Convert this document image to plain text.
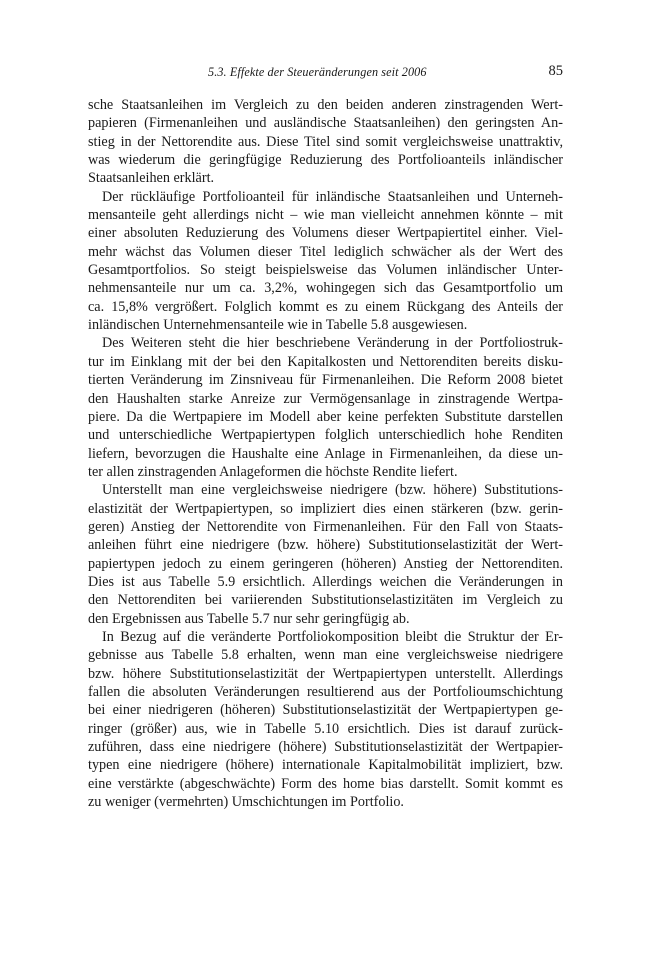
5.3. Effekte der Steueränderungen seit 2006	85
sche Staatsanleihen im Vergleich zu den beiden anderen zinstragenden Wert-
papieren (Firmenanleihen und ausländische Staatsanleihen) den geringsten An-
stieg in der Nettorendite aus. Diese Titel sind somit vergleichsweise unattraktiv,
was wiederum die geringfügige Reduzierung des Portfolioanteils inländischer
Staatsanleihen erklärt.
Der rückläufige Portfolioanteil für inländische Staatsanleihen und Unterneh-
mensanteile geht allerdings nicht – wie man vielleicht annehmen könnte – mit
einer absoluten Reduzierung des Volumens dieser Wertpapiertitel einher. Viel-
mehr wächst das Volumen dieser Titel lediglich schwächer als der Wert des
Gesamtportfolios. So steigt beispielsweise das Volumen inländischer Unter-
nehmensanteile nur um ca. 3,2%, wohingegen sich das Gesamtportfolio um
ca. 15,8% vergrößert. Folglich kommt es zu einem Rückgang des Anteils der
inländischen Unternehmensanteile wie in Tabelle 5.8 ausgewiesen.
Des Weiteren steht die hier beschriebene Veränderung in der Portfoliostruk-
tur im Einklang mit der bei den Kapitalkosten und Nettorenditen bereits disku-
tierten Veränderung im Zinsniveau für Firmenanleihen. Die Reform 2008 bietet
den Haushalten starke Anreize zur Vermögensanlage in zinstragende Wertpa-
piere. Da die Wertpapiere im Modell aber keine perfekten Substitute darstellen
und unterschiedliche Wertpapiertypen folglich unterschiedlich hohe Renditen
liefern, bevorzugen die Haushalte eine Anlage in Firmenanleihen, da diese un-
ter allen zinstragenden Anlageformen die höchste Rendite liefert.
Unterstellt man eine vergleichsweise niedrigere (bzw. höhere) Substitutions-
elastizität der Wertpapiertypen, so impliziert dies einen stärkeren (bzw. gerin-
geren) Anstieg der Nettorendite von Firmenanleihen. Für den Fall von Staats-
anleihen führt eine niedrigere (bzw. höhere) Substitutionselastizität der Wert-
papiertypen jedoch zu einem geringeren (höheren) Anstieg der Nettorenditen.
Dies ist aus Tabelle 5.9 ersichtlich. Allerdings weichen die Veränderungen in
den Nettorenditen bei variierenden Substitutionselastizitäten im Vergleich zu
den Ergebnissen aus Tabelle 5.7 nur sehr geringfügig ab.
In Bezug auf die veränderte Portfoliokomposition bleibt die Struktur der Er-
gebnisse aus Tabelle 5.8 erhalten, wenn man eine vergleichsweise niedrigere
bzw. höhere Substitutionselastizität der Wertpapiertypen unterstellt. Allerdings
fallen die absoluten Veränderungen resultierend aus der Portfolioumschichtung
bei einer niedrigeren (höheren) Substitutionselastizität der Wertpapiertypen ge-
ringer (größer) aus, wie in Tabelle 5.10 ersichtlich. Dies ist darauf zurück-
zuführen, dass eine niedrigere (höhere) Substitutionselastizität der Wertpapier-
typen eine niedrigere (höhere) internationale Kapitalmobilität impliziert, bzw.
eine verstärkte (abgeschwächte) Form des home bias darstellt. Somit kommt es
zu weniger (vermehrten) Umschichtungen im Portfolio.
